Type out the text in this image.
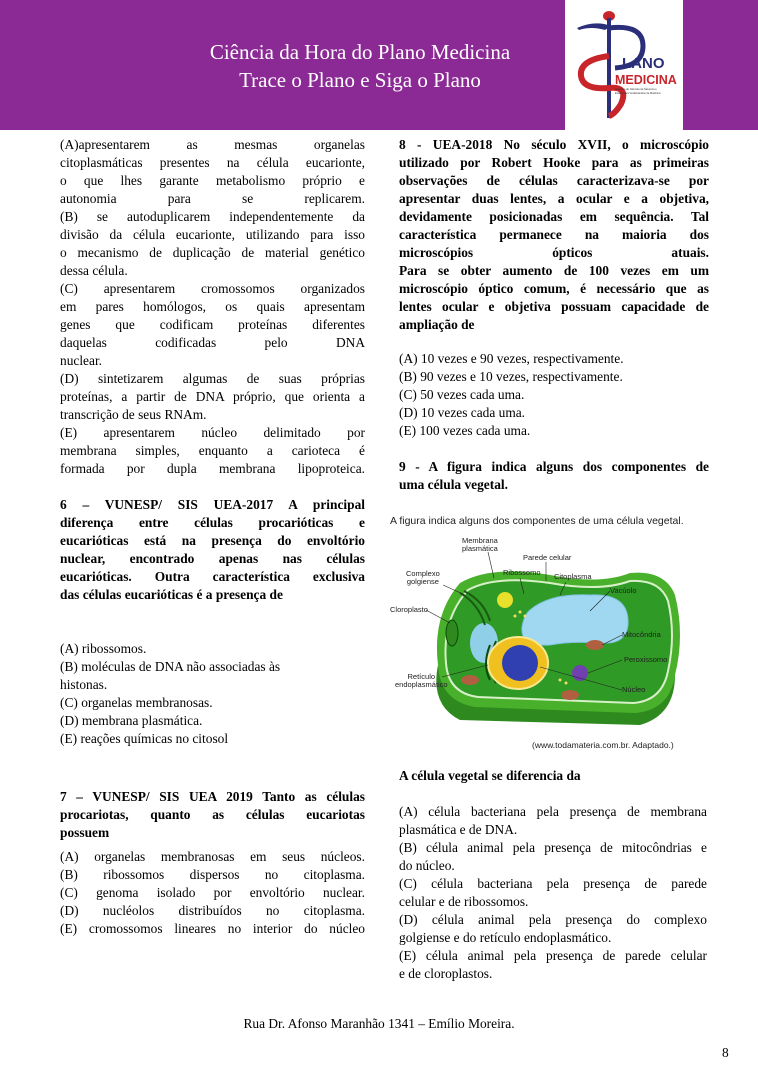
Ciência da Hora do Plano Medicina
Trace o Plano e Siga o Plano
LANO
MEDICINA
Intensivo de Ciências da Natureza e
Exatas para Vestibulandos de Medicina
(A)apresentarem as mesmas organelas
citoplasmáticas presentes na célula eucarionte,
o que lhes garante metabolismo próprio e
autonomia para se replicarem.
(B) se autoduplicarem independentemente da
divisão da célula eucarionte, utilizando para isso
o mecanismo de duplicação de material genético
dessa célula.
(C) apresentarem cromossomos organizados
em pares homólogos, os quais apresentam
genes que codificam proteínas diferentes
daquelas codificadas pelo DNA
nuclear.
(D) sintetizarem algumas de suas próprias
proteínas, a partir de DNA próprio, que orienta a
transcrição de seus RNAm.
(E) apresentarem núcleo delimitado por
membrana simples, enquanto a carioteca é
formada por dupla membrana lipoproteica.
6 – VUNESP/ SIS UEA-2017 A principal
diferença entre células procarióticas e
eucarióticas está na presença do envoltório
nuclear, encontrado apenas nas células
eucarióticas. Outra característica exclusiva
das células eucarióticas é a presença de
(A) ribossomos.
(B) moléculas de DNA não associadas às
histonas.
(C) organelas membranosas.
(D) membrana plasmática.
(E) reações químicas no citosol
7 – VUNESP/ SIS UEA 2019 Tanto as células
procariotas, quanto as células eucariotas
possuem
(A) organelas membranosas em seus núcleos.
(B) ribossomos dispersos no citoplasma.
(C) genoma isolado por envoltório nuclear.
(D) nucléolos distribuídos no citoplasma.
(E) cromossomos lineares no interior do núcleo
8 - UEA-2018 No século XVII, o microscópio
utilizado por Robert Hooke para as primeiras
observações de células caracterizava-se por
apresentar duas lentes, a ocular e a objetiva,
devidamente posicionadas em sequência. Tal
característica permanece na maioria dos
microscópios ópticos atuais.
Para se obter aumento de 100 vezes em um
microscópio óptico comum, é necessário que as
lentes ocular e objetiva possuam capacidade de
ampliação de
(A) 10 vezes e 90 vezes, respectivamente.
(B) 90 vezes e 10 vezes, respectivamente.
(C) 50 vezes cada uma.
(D) 10 vezes cada uma.
(E) 100 vezes cada uma.
9 - A figura indica alguns dos componentes de
uma célula vegetal.
A figura indica alguns dos componentes de uma célula vegetal.
Membrana
plasmática
Parede celular
Ribossomo Citoplasma
Complexo
golgiense
Vacúolo
Cloroplasto
Mitocôndria
Peroxissomo
Retículo
endoplasmático
Núcleo
(www.todamateria.com.br. Adaptado.)
A célula vegetal se diferencia da
(A) célula bacteriana pela presença de membrana
plasmática e de DNA.
(B) célula animal pela presença de mitocôndrias e
do núcleo.
(C) célula bacteriana pela presença de parede
celular e de ribossomos.
(D) célula animal pela presença do complexo
golgiense e do retículo endoplasmático.
(E) célula animal pela presença de parede celular
e de cloroplastos.
Rua Dr. Afonso Maranhão 1341 – Emílio Moreira.
8
